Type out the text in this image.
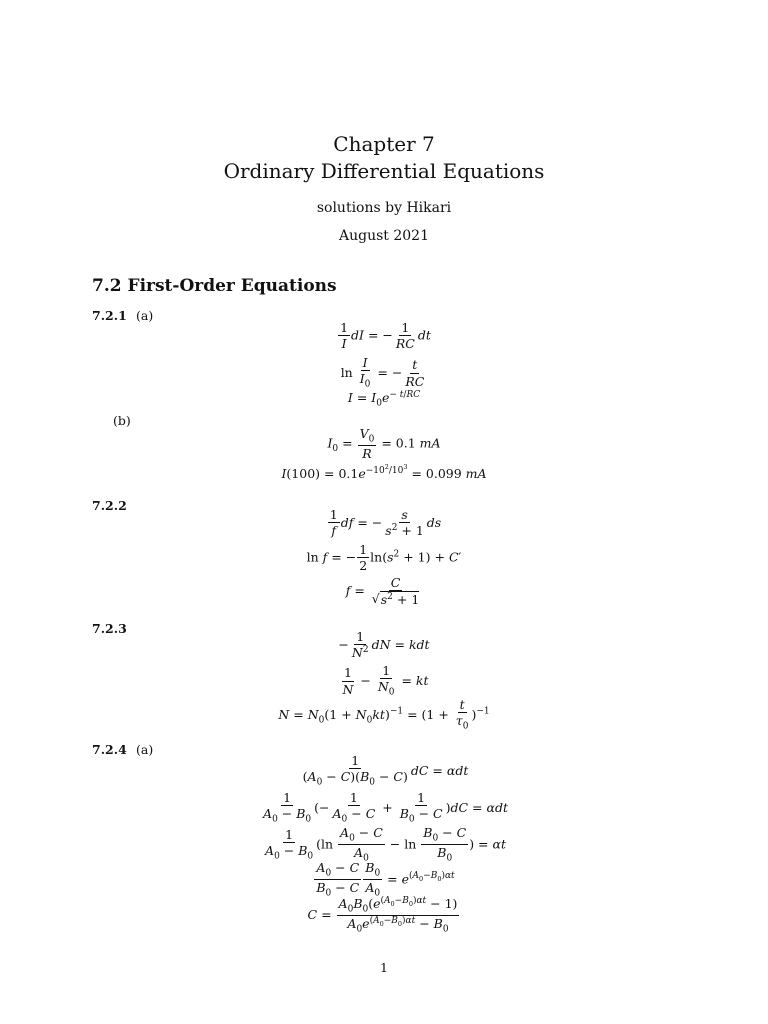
Chapter 7
Ordinary Differential Equations
solutions by Hikari
August 2021
7.2 First-Order Equations
7.2.1 (a)
$\frac{1}{I}$ dI = − $\frac{1}{RC}$ dt
$\ln \frac{I}{I_0}$ = − $\frac{t}{RC}$
$I = I_0e^{- t/RC}$
(b)
$I_0 = \frac{V_0}{R} = 0.1$ mA
$I(100) = 0.1e^{-10^2/10^3} = 0.099$ mA
7.2.2
$\frac{1}{f}$ df = − $\frac{s}{s^2 + 1}$ ds
ln f = − $\frac{1}{2} \ln(s^2 + 1) + C'$
$f = \frac{C}{√s^2 + 1}$
7.2.3
− $\frac{1}{N^2}$ dN = kdt
$\frac{1}{N} - \frac{1}{N_0}$ = kt
$N = N_0(1 + N_0kt)^{-1} = (1 + \frac{t}{\tau_0} )^{-1}$
7.2.4 (a)
$\frac{1}{(A_0 - C)(B_0 - C)}$ dC = αdt
$\frac{1}{A_0 - B_0}$ (− $\frac{1}{A_0 - C} + \frac{1}{B_0 - C} )dC = \alpha dt$
$\frac{1}{A_0 - B_0} (\ln \frac{A_0 - C}{A_0} - \ln \frac{B_0 - C}{B_0}$ ) = αt
$\frac{A_0 - C}{B_0 - C} \frac{B_0}{A_0} = e^{(A_0-B_0)\alpha t}$
$C = \frac{A_0B_0(e^{(A_0-B_0)\alpha t} - 1)}{A_0e^{(A_0-B_0)\alpha t} - B_0}$
1
